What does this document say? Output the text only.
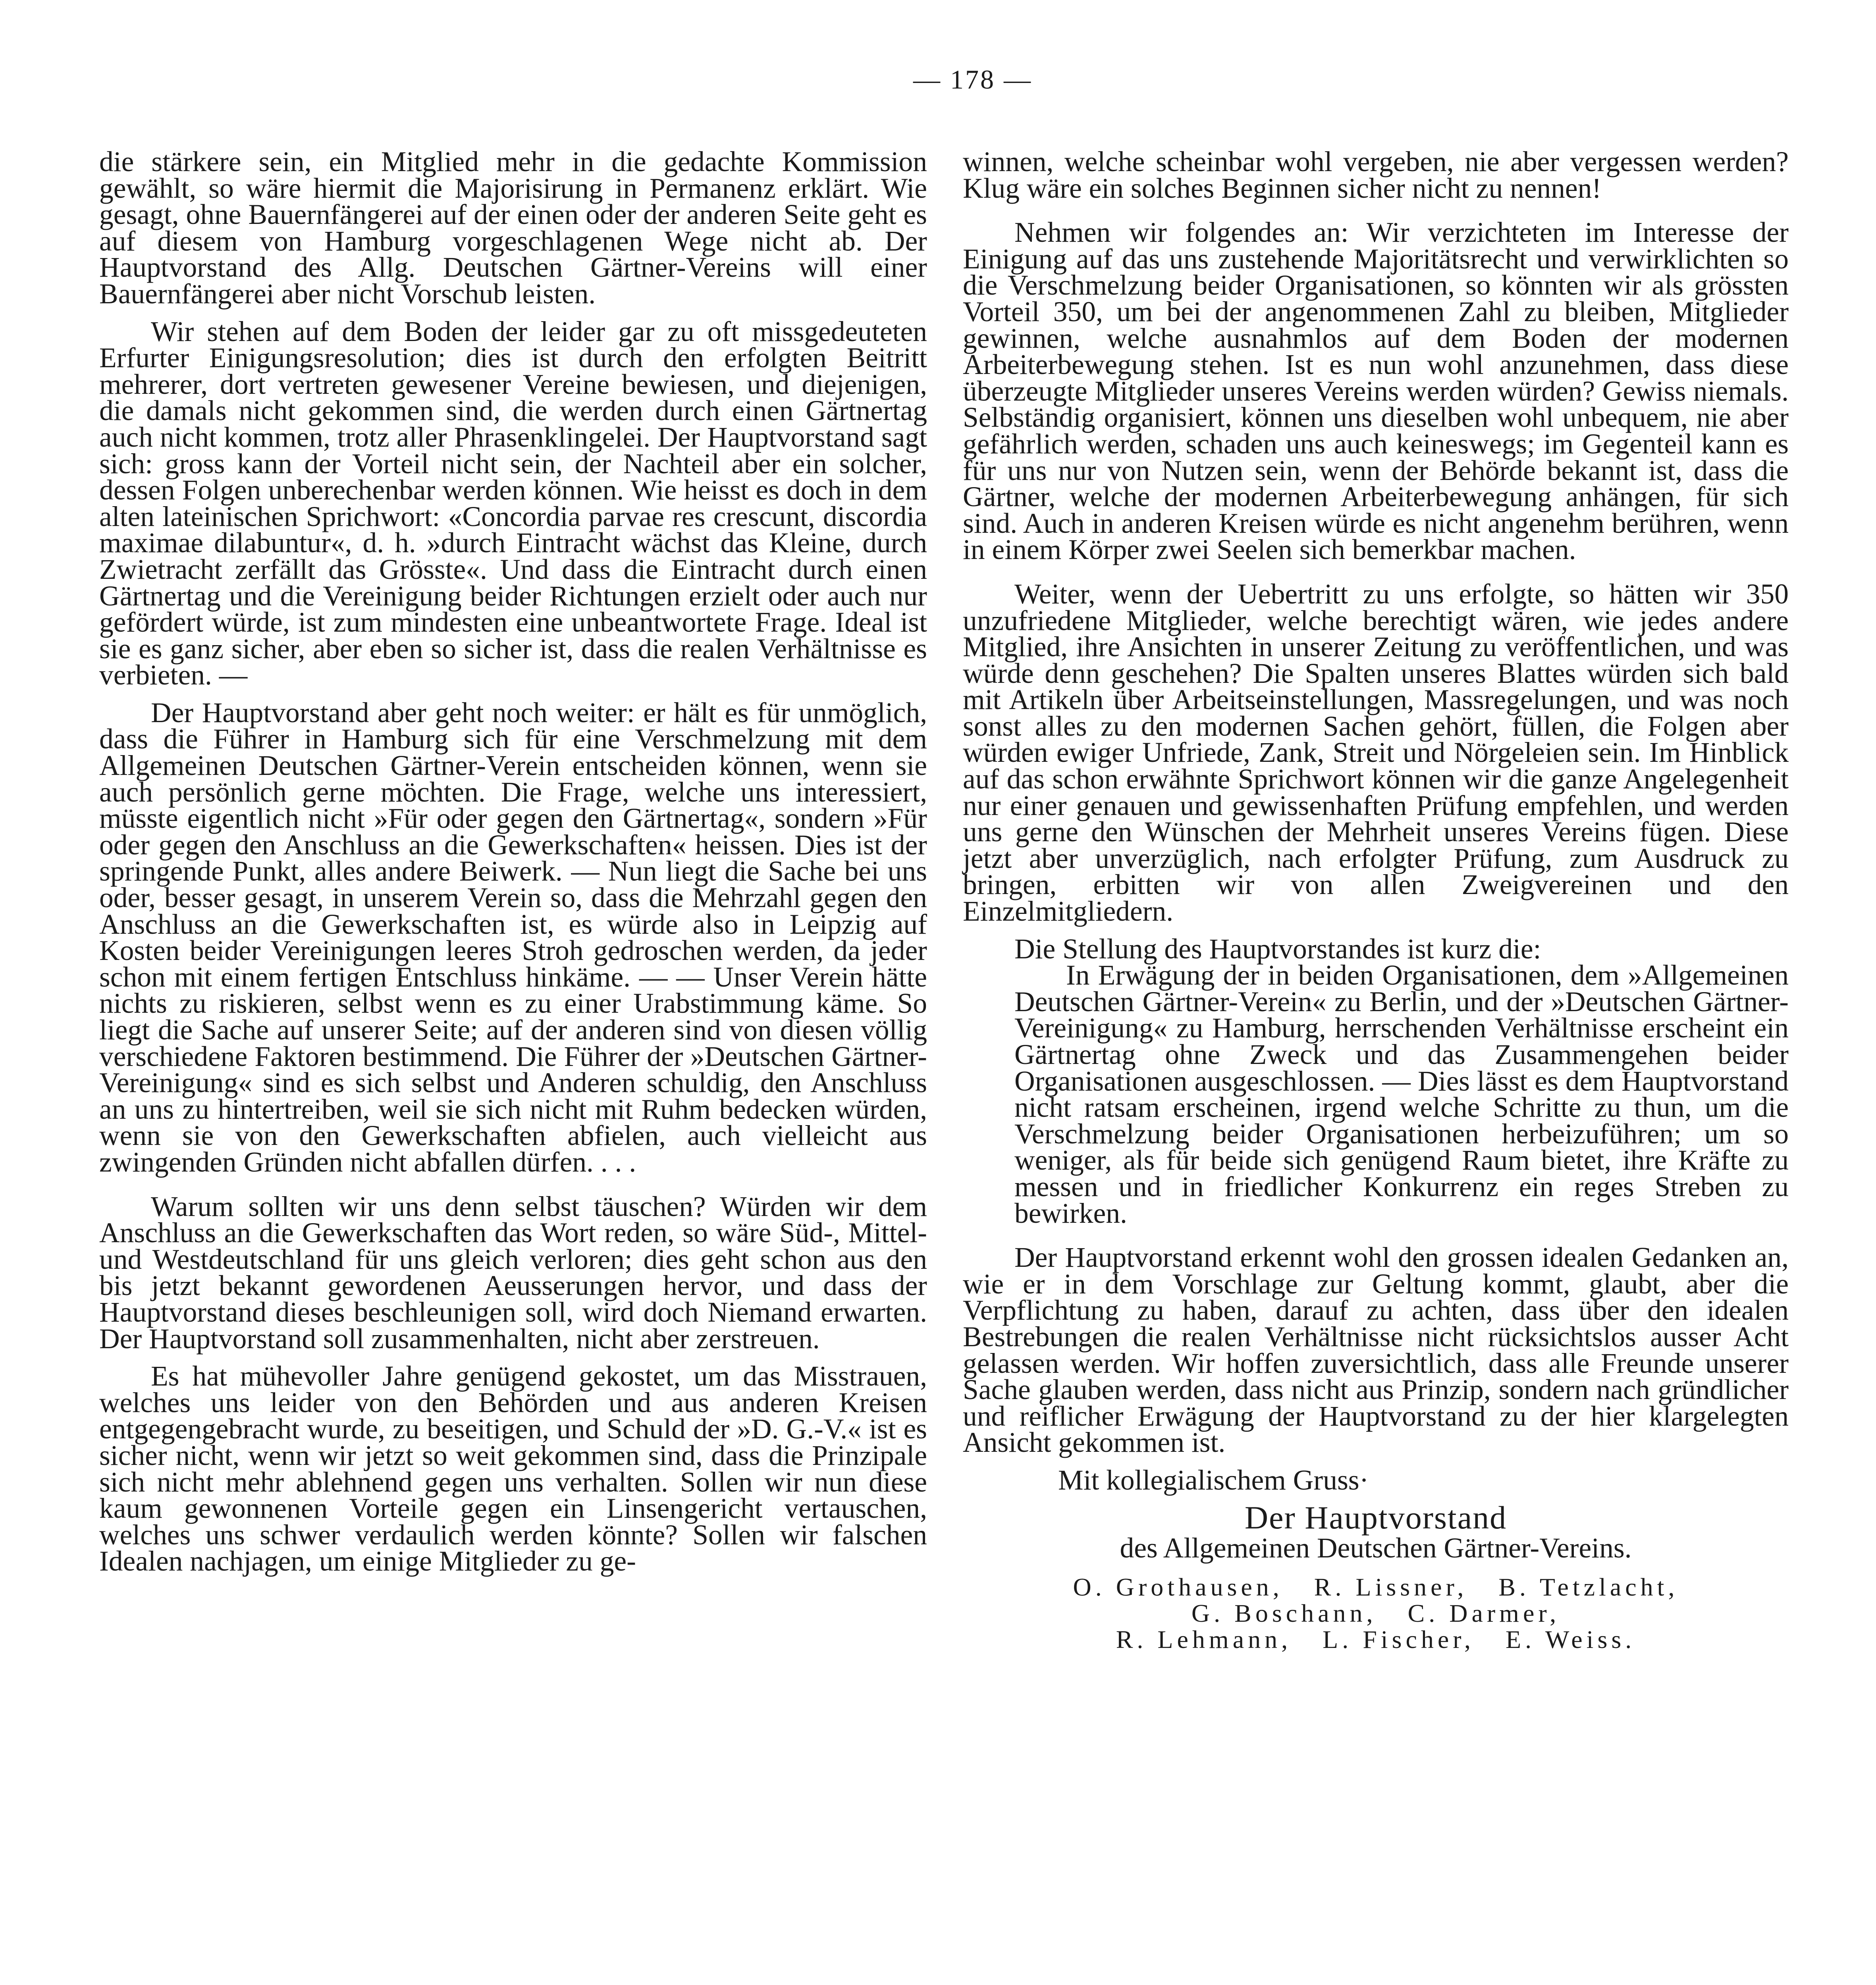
— 178 —

die stärkere sein, ein Mitglied mehr in die gedachte Kommission gewählt, so wäre hiermit die Majorisirung in Permanenz erklärt. Wie gesagt, ohne Bauernfängerei auf der einen oder der anderen Seite geht es auf diesem von Hamburg vorgeschlagenen Wege nicht ab. Der Hauptvorstand des Allg. Deutschen Gärtner-Vereins will einer Bauernfängerei aber nicht Vorschub leisten.

Wir stehen auf dem Boden der leider gar zu oft missgedeuteten Erfurter Einigungsresolution; dies ist durch den erfolgten Beitritt mehrerer, dort vertreten gewesener Vereine bewiesen, und diejenigen, die damals nicht gekommen sind, die werden durch einen Gärtnertag auch nicht kommen, trotz aller Phrasenklingelei. Der Hauptvorstand sagt sich: gross kann der Vorteil nicht sein, der Nachteil aber ein solcher, dessen Folgen unberechenbar werden können. Wie heisst es doch in dem alten lateinischen Sprichwort: «Concordia parvae res crescunt, discordia maximae dilabuntur«, d. h. »durch Eintracht wächst das Kleine, durch Zwietracht zerfällt das Grösste«. Und dass die Eintracht durch einen Gärtnertag und die Vereinigung beider Richtungen erzielt oder auch nur gefördert würde, ist zum mindesten eine unbeantwortete Frage. Ideal ist sie es ganz sicher, aber eben so sicher ist, dass die realen Verhältnisse es verbieten. —

Der Hauptvorstand aber geht noch weiter: er hält es für unmöglich, dass die Führer in Hamburg sich für eine Verschmelzung mit dem Allgemeinen Deutschen Gärtner-Verein entscheiden können, wenn sie auch persönlich gerne möchten. Die Frage, welche uns interessiert, müsste eigentlich nicht »Für oder gegen den Gärtnertag«, sondern »Für oder gegen den Anschluss an die Gewerkschaften« heissen. Dies ist der springende Punkt, alles andere Beiwerk. — Nun liegt die Sache bei uns oder, besser gesagt, in unserem Verein so, dass die Mehrzahl gegen den Anschluss an die Gewerkschaften ist, es würde also in Leipzig auf Kosten beider Vereinigungen leeres Stroh gedroschen werden, da jeder schon mit einem fertigen Entschluss hinkäme. — — Unser Verein hätte nichts zu riskieren, selbst wenn es zu einer Urabstimmung käme. So liegt die Sache auf unserer Seite; auf der anderen sind von diesen völlig verschiedene Faktoren bestimmend. Die Führer der »Deutschen Gärtner-Vereinigung« sind es sich selbst und Anderen schuldig, den Anschluss an uns zu hintertreiben, weil sie sich nicht mit Ruhm bedecken würden, wenn sie von den Gewerkschaften abfielen, auch vielleicht aus zwingenden Gründen nicht abfallen dürfen. . . .

Warum sollten wir uns denn selbst täuschen? Würden wir dem Anschluss an die Gewerkschaften das Wort reden, so wäre Süd-, Mittel- und Westdeutschland für uns gleich verloren; dies geht schon aus den bis jetzt bekannt gewordenen Aeusserungen hervor, und dass der Hauptvorstand dieses beschleunigen soll, wird doch Niemand erwarten. Der Hauptvorstand soll zusammenhalten, nicht aber zerstreuen.

Es hat mühevoller Jahre genügend gekostet, um das Misstrauen, welches uns leider von den Behörden und aus anderen Kreisen entgegengebracht wurde, zu beseitigen, und Schuld der »D. G.-V.« ist es sicher nicht, wenn wir jetzt so weit gekommen sind, dass die Prinzipale sich nicht mehr ablehnend gegen uns verhalten. Sollen wir nun diese kaum gewonnenen Vorteile gegen ein Linsengericht vertauschen, welches uns schwer verdaulich werden könnte? Sollen wir falschen Idealen nachjagen, um einige Mitglieder zu ge-

winnen, welche scheinbar wohl vergeben, nie aber vergessen werden? Klug wäre ein solches Beginnen sicher nicht zu nennen!

Nehmen wir folgendes an: Wir verzichteten im Interesse der Einigung auf das uns zustehende Majoritätsrecht und verwirklichten so die Verschmelzung beider Organisationen, so könnten wir als grössten Vorteil 350, um bei der angenommenen Zahl zu bleiben, Mitglieder gewinnen, welche ausnahmlos auf dem Boden der modernen Arbeiterbewegung stehen. Ist es nun wohl anzunehmen, dass diese überzeugte Mitglieder unseres Vereins werden würden? Gewiss niemals. Selbständig organisiert, können uns dieselben wohl unbequem, nie aber gefährlich werden, schaden uns auch keineswegs; im Gegenteil kann es für uns nur von Nutzen sein, wenn der Behörde bekannt ist, dass die Gärtner, welche der modernen Arbeiterbewegung anhängen, für sich sind. Auch in anderen Kreisen würde es nicht angenehm berühren, wenn in einem Körper zwei Seelen sich bemerkbar machen.

Weiter, wenn der Uebertritt zu uns erfolgte, so hätten wir 350 unzufriedene Mitglieder, welche berechtigt wären, wie jedes andere Mitglied, ihre Ansichten in unserer Zeitung zu veröffentlichen, und was würde denn geschehen? Die Spalten unseres Blattes würden sich bald mit Artikeln über Arbeitseinstellungen, Massregelungen, und was noch sonst alles zu den modernen Sachen gehört, füllen, die Folgen aber würden ewiger Unfriede, Zank, Streit und Nörgeleien sein. Im Hinblick auf das schon erwähnte Sprichwort können wir die ganze Angelegenheit nur einer genauen und gewissenhaften Prüfung empfehlen, und werden uns gerne den Wünschen der Mehrheit unseres Vereins fügen. Diese jetzt aber unverzüglich, nach erfolgter Prüfung, zum Ausdruck zu bringen, erbitten wir von allen Zweigvereinen und den Einzelmitgliedern.

Die Stellung des Hauptvorstandes ist kurz die:

In Erwägung der in beiden Organisationen, dem »Allgemeinen Deutschen Gärtner-Verein« zu Berlin, und der »Deutschen Gärtner-Vereinigung« zu Hamburg, herrschenden Verhältnisse erscheint ein Gärtnertag ohne Zweck und das Zusammengehen beider Organisationen ausgeschlossen. — Dies lässt es dem Hauptvorstand nicht ratsam erscheinen, irgend welche Schritte zu thun, um die Verschmelzung beider Organisationen herbeizuführen; um so weniger, als für beide sich genügend Raum bietet, ihre Kräfte zu messen und in friedlicher Konkurrenz ein reges Streben zu bewirken.

Der Hauptvorstand erkennt wohl den grossen idealen Gedanken an, wie er in dem Vorschlage zur Geltung kommt, glaubt, aber die Verpflichtung zu haben, darauf zu achten, dass über den idealen Bestrebungen die realen Verhältnisse nicht rücksichtslos ausser Acht gelassen werden. Wir hoffen zuversichtlich, dass alle Freunde unserer Sache glauben werden, dass nicht aus Prinzip, sondern nach gründlicher und reiflicher Erwägung der Hauptvorstand zu der hier klargelegten Ansicht gekommen ist.

Mit kollegialischem Gruss·

Der Hauptvorstand

des Allgemeinen Deutschen Gärtner-Vereins.

O. Grothausen, R. Lissner, B. Tetzlacht,
G. Boschann, C. Darmer,
R. Lehmann, L. Fischer, E. Weiss.
